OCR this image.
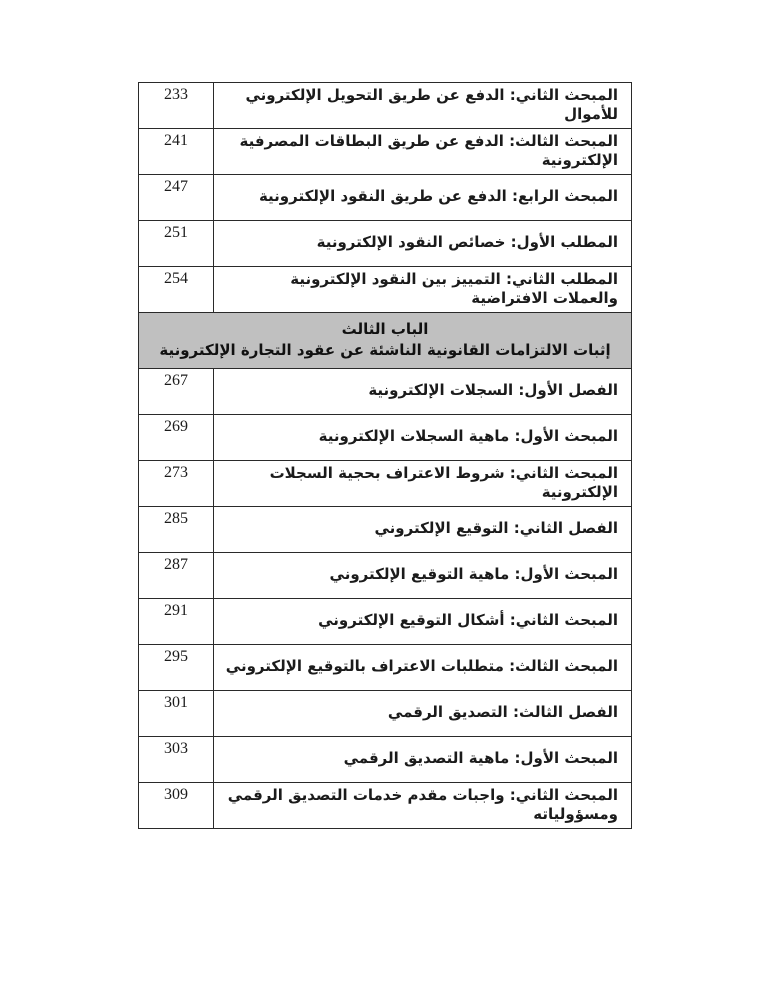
233	المبحث الثاني: الدفع عن طريق التحويل الإلكتروني للأموال
241	المبحث الثالث: الدفع عن طريق البطاقات المصرفية الإلكترونية
247	المبحث الرابع: الدفع عن طريق النقود الإلكترونية
251	المطلب الأول: خصائص النقود الإلكترونية
254	المطلب الثاني: التمييز بين النقود الإلكترونية والعملات الافتراضية

الباب الثالث
إثبات الالتزامات القانونية الناشئة عن عقود التجارة الإلكترونية	

267	الفصل الأول: السجلات الإلكترونية
269	المبحث الأول: ماهية السجلات الإلكترونية
273	المبحث الثاني: شروط الاعتراف بحجية السجلات الإلكترونية
285	الفصل الثاني: التوقيع الإلكتروني
287	المبحث الأول: ماهية التوقيع الإلكتروني
291	المبحث الثاني: أشكال التوقيع الإلكتروني
295	المبحث الثالث: متطلبات الاعتراف بالتوقيع الإلكتروني
301	الفصل الثالث: التصديق الرقمي
303	المبحث الأول: ماهية التصديق الرقمي
309	المبحث الثاني: واجبات مقدم خدمات التصديق الرقمي ومسؤولياته
